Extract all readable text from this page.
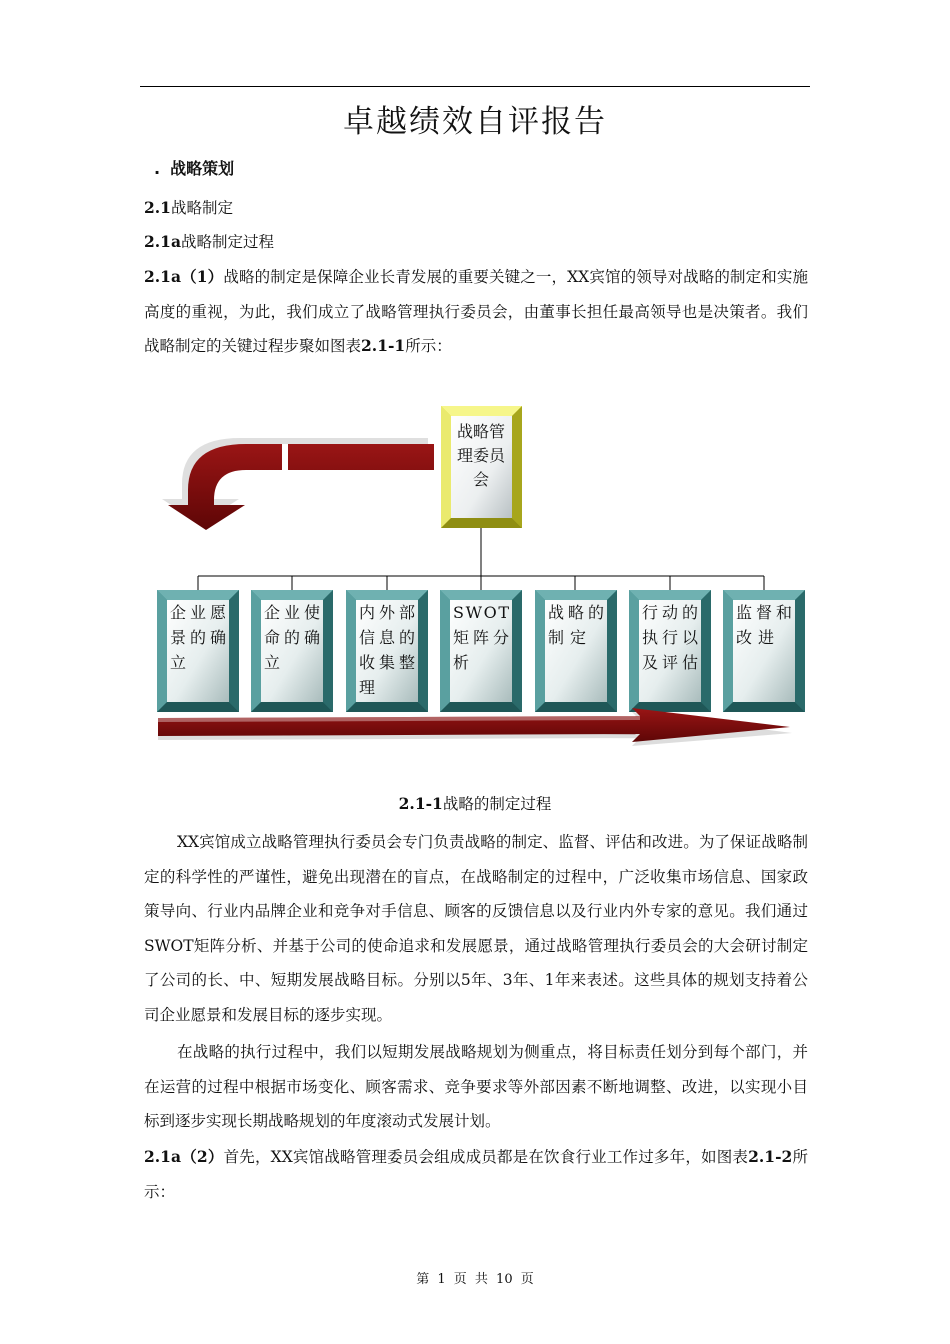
卓越绩效自评报告
. 战略策划
2.1战略制定
2.1a战略制定过程
2.1a（1）战略的制定是保障企业长青发展的重要关键之一，XX宾馆的领导对战略的制定和实施高度的重视，为此，我们成立了战略管理执行委员会，由董事长担任最高领导也是决策者。我们战略制定的关键过程步聚如图表2.1-1所示：
战略管
理委员
会
企业愿
景的确
立
企业使
命的确
立
内外部
信息的
收集整
理
SWOT
矩阵分
析
战略的
制定
行动的
执行以
及评估
监督和
改进
2.1-1战略的制定过程
XX宾馆成立战略管理执行委员会专门负责战略的制定、监督、评估和改进。为了保证战略制定的科学性的严谨性，避免出现潜在的盲点，在战略制定的过程中，广泛收集市场信息、国家政策导向、行业内品牌企业和竞争对手信息、顾客的反馈信息以及行业内外专家的意见。我们通过SWOT矩阵分析、并基于公司的使命追求和发展愿景，通过战略管理执行委员会的大会研讨制定了公司的长、中、短期发展战略目标。分别以5年、3年、1年来表述。这些具体的规划支持着公司企业愿景和发展目标的逐步实现。
在战略的执行过程中，我们以短期发展战略规划为侧重点，将目标责任划分到每个部门，并在运营的过程中根据市场变化、顾客需求、竞争要求等外部因素不断地调整、改进，以实现小目标到逐步实现长期战略规划的年度滚动式发展计划。
2.1a（2）首先，XX宾馆战略管理委员会组成成员都是在饮食行业工作过多年，如图表2.1-2所示：
第 1 页 共 10 页
